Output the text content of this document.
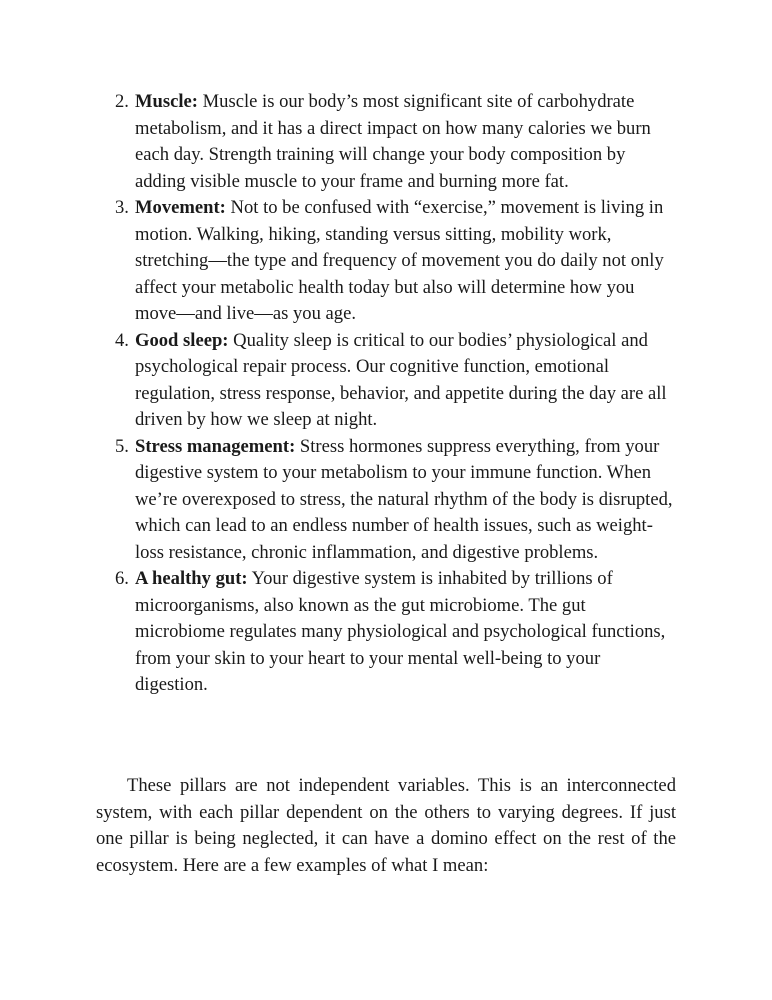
2. Muscle: Muscle is our body’s most significant site of carbohydrate metabolism, and it has a direct impact on how many calories we burn each day. Strength training will change your body composition by adding visible muscle to your frame and burning more fat.
3. Movement: Not to be confused with “exercise,” movement is living in motion. Walking, hiking, standing versus sitting, mobility work, stretching—the type and frequency of movement you do daily not only affect your metabolic health today but also will determine how you move—and live—as you age.
4. Good sleep: Quality sleep is critical to our bodies’ physiological and psychological repair process. Our cognitive function, emotional regulation, stress response, behavior, and appetite during the day are all driven by how we sleep at night.
5. Stress management: Stress hormones suppress everything, from your digestive system to your metabolism to your immune function. When we’re overexposed to stress, the natural rhythm of the body is disrupted, which can lead to an endless number of health issues, such as weight-loss resistance, chronic inflammation, and digestive problems.
6. A healthy gut: Your digestive system is inhabited by trillions of microorganisms, also known as the gut microbiome. The gut microbiome regulates many physiological and psychological functions, from your skin to your heart to your mental well-being to your digestion.

These pillars are not independent variables. This is an interconnected system, with each pillar dependent on the others to varying degrees. If just one pillar is being neglected, it can have a domino effect on the rest of the ecosystem. Here are a few examples of what I mean:
